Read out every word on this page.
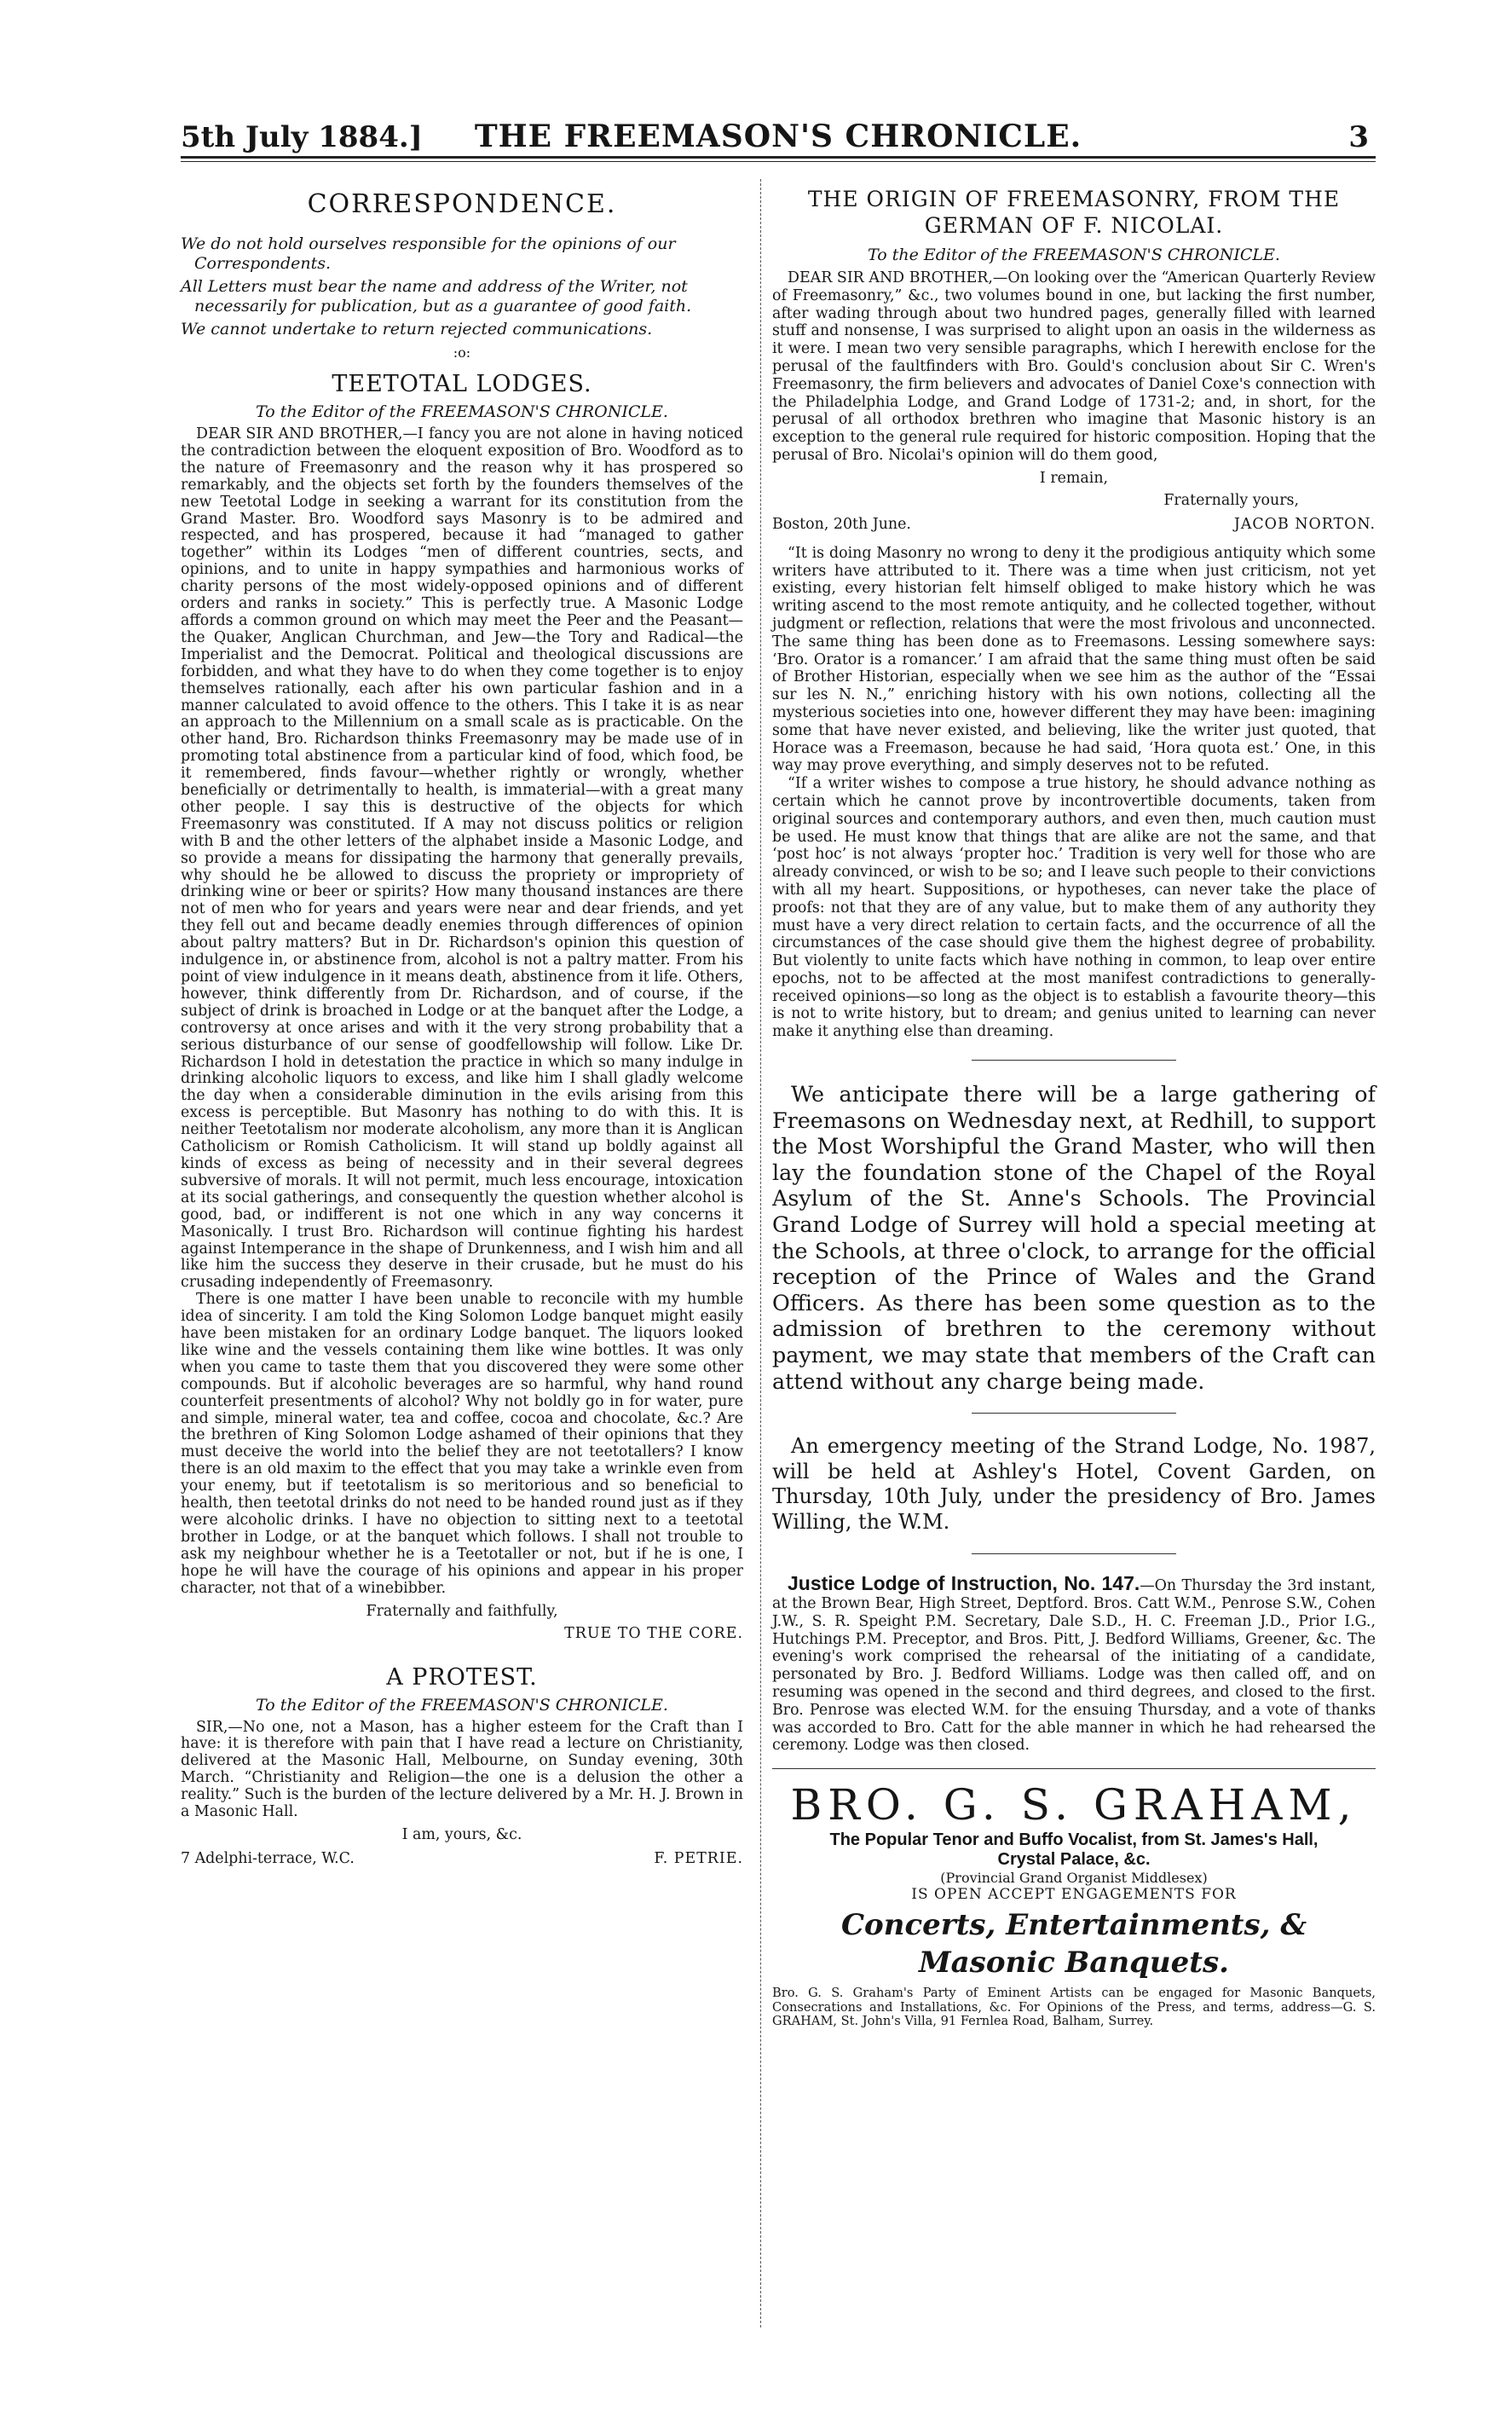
THE FREEMASON'S CHRONICLE.
5th July 1884.]	3
CORRESPONDENCE.

We do not hold ourselves responsible for the opinions of our Correspondents.

All Letters must bear the name and address of the Writer, not necessarily for publication, but as a guarantee of good faith.

We cannot undertake to return rejected communications.

:o:
TEETOTAL LODGES.
To the Editor of the FREEMASON'S CHRONICLE.

DEAR SIR AND BROTHER,—I fancy you are not alone in having noticed the contradiction between the eloquent exposition of Bro. Woodford as to the nature of Freemasonry and the reason why it has prospered so remarkably, and the objects set forth by the founders themselves of the new Teetotal Lodge in seeking a warrant for its constitution from the Grand Master. Bro. Woodford says Masonry is to be admired and respected, and has prospered, because it had “managed to gather together” within its Lodges “men of different countries, sects, and opinions, and to unite in happy sympathies and harmonious works of charity persons of the most widely-opposed opinions and of different orders and ranks in society.” This is perfectly true. A Masonic Lodge affords a common ground on which may meet the Peer and the Peasant—the Quaker, Anglican Churchman, and Jew—the Tory and Radical—the Imperialist and the Democrat. Political and theological discussions are forbidden, and what they have to do when they come together is to enjoy themselves rationally, each after his own particular fashion and in a manner calculated to avoid offence to the others. This I take it is as near an approach to the Millennium on a small scale as is practicable. On the other hand, Bro. Richardson thinks Freemasonry may be made use of in promoting total abstinence from a particular kind of food, which food, be it remembered, finds favour—whether rightly or wrongly, whether beneficially or detrimentally to health, is immaterial—with a great many other people. I say this is destructive of the objects for which Freemasonry was constituted. If A may not discuss politics or religion with B and the other letters of the alphabet inside a Masonic Lodge, and so provide a means for dissipating the harmony that generally prevails, why should he be allowed to discuss the propriety or impropriety of drinking wine or beer or spirits? How many thousand instances are there not of men who for years and years were near and dear friends, and yet they fell out and became deadly enemies through differences of opinion about paltry matters? But in Dr. Richardson's opinion this question of indulgence in, or abstinence from, alcohol is not a paltry matter. From his point of view indulgence in it means death, abstinence from it life. Others, however, think differently from Dr. Richardson, and of course, if the subject of drink is broached in Lodge or at the banquet after the Lodge, a controversy at once arises and with it the very strong probability that a serious disturbance of our sense of goodfellowship will follow. Like Dr. Richardson I hold in detestation the practice in which so many indulge in drinking alcoholic liquors to excess, and like him I shall gladly welcome the day when a considerable diminution in the evils arising from this excess is perceptible. But Masonry has nothing to do with this. It is neither Teetotalism nor moderate alcoholism, any more than it is Anglican Catholicism or Romish Catholicism. It will stand up boldly against all kinds of excess as being of necessity and in their several degrees subversive of morals. It will not permit, much less encourage, intoxication at its social gatherings, and consequently the question whether alcohol is good, bad, or indifferent is not one which in any way concerns it Masonically. I trust Bro. Richardson will continue fighting his hardest against Intemperance in the shape of Drunkenness, and I wish him and all like him the success they deserve in their crusade, but he must do his crusading independently of Freemasonry.

There is one matter I have been unable to reconcile with my humble idea of sincerity. I am told the King Solomon Lodge banquet might easily have been mistaken for an ordinary Lodge banquet. The liquors looked like wine and the vessels containing them like wine bottles. It was only when you came to taste them that you discovered they were some other compounds. But if alcoholic beverages are so harmful, why hand round counterfeit presentments of alcohol? Why not boldly go in for water, pure and simple, mineral water, tea and coffee, cocoa and chocolate, &c.? Are the brethren of King Solomon Lodge ashamed of their opinions that they must deceive the world into the belief they are not teetotallers? I know there is an old maxim to the effect that you may take a wrinkle even from your enemy, but if teetotalism is so meritorious and so beneficial to health, then teetotal drinks do not need to be handed round just as if they were alcoholic drinks. I have no objection to sitting next to a teetotal brother in Lodge, or at the banquet which follows. I shall not trouble to ask my neighbour whether he is a Teetotaller or not, but if he is one, I hope he will have the courage of his opinions and appear in his proper character, not that of a winebibber.

Fraternally and faithfully,

TRUE TO THE CORE.

A PROTEST.
To the Editor of the FREEMASON'S CHRONICLE.

SIR,—No one, not a Mason, has a higher esteem for the Craft than I have: it is therefore with pain that I have read a lecture on Christianity, delivered at the Masonic Hall, Melbourne, on Sunday evening, 30th March. “Christianity and Religion—the one is a delusion the other a reality.” Such is the burden of the lecture delivered by a Mr. H. J. Brown in a Masonic Hall.

I am, yours, &c.

7 Adelphi-terrace, W.C.	F. PETRIE.
THE ORIGIN OF FREEMASONRY, FROM THE
GERMAN OF F. NICOLAI.
To the Editor of the FREEMASON'S CHRONICLE.

DEAR SIR AND BROTHER,—On looking over the “American Quarterly Review of Freemasonry,” &c., two volumes bound in one, but lacking the first number, after wading through about two hundred pages, generally filled with learned stuff and nonsense, I was surprised to alight upon an oasis in the wilderness as it were. I mean two very sensible paragraphs, which I herewith enclose for the perusal of the faultfinders with Bro. Gould's conclusion about Sir C. Wren's Freemasonry, the firm believers and advocates of Daniel Coxe's connection with the Philadelphia Lodge, and Grand Lodge of 1731-2; and, in short, for the perusal of all orthodox brethren who imagine that Masonic history is an exception to the general rule required for historic composition. Hoping that the perusal of Bro. Nicolai's opinion will do them good,

I remain,

Fraternally yours,

Boston, 20th June.	JACOB NORTON.

“It is doing Masonry no wrong to deny it the prodigious antiquity which some writers have attributed to it. There was a time when just criticism, not yet existing, every historian felt himself obliged to make history which he was writing ascend to the most remote antiquity, and he collected together, without judgment or reflection, relations that were the most frivolous and unconnected. The same thing has been done as to Freemasons. Lessing somewhere says: ‘Bro. Orator is a romancer.’ I am afraid that the same thing must often be said of Brother Historian, especially when we see him as the author of the “Essai sur les N. N.,” enriching history with his own notions, collecting all the mysterious societies into one, however different they may have been: imagining some that have never existed, and believing, like the writer just quoted, that Horace was a Freemason, because he had said, ‘Hora quota est.’ One, in this way may prove everything, and simply deserves not to be refuted.

“If a writer wishes to compose a true history, he should advance nothing as certain which he cannot prove by incontrovertible documents, taken from original sources and contemporary authors, and even then, much caution must be used. He must know that things that are alike are not the same, and that ‘post hoc’ is not always ‘propter hoc.’ Tradition is very well for those who are already convinced, or wish to be so; and I leave such people to their convictions with all my heart. Suppositions, or hypotheses, can never take the place of proofs: not that they are of any value, but to make them of any authority they must have a very direct relation to certain facts, and the occurrence of all the circumstances of the case should give them the highest degree of probability. But violently to unite facts which have nothing in common, to leap over entire epochs, not to be affected at the most manifest contradictions to generally-received opinions—so long as the object is to establish a favourite theory—this is not to write history, but to dream; and genius united to learning can never make it anything else than dreaming.

We anticipate there will be a large gathering of Freemasons on Wednesday next, at Redhill, to support the Most Worshipful the Grand Master, who will then lay the foundation stone of the Chapel of the Royal Asylum of the St. Anne's Schools. The Provincial Grand Lodge of Surrey will hold a special meeting at the Schools, at three o'clock, to arrange for the official reception of the Prince of Wales and the Grand Officers. As there has been some question as to the admission of brethren to the ceremony without payment, we may state that members of the Craft can attend without any charge being made.

An emergency meeting of the Strand Lodge, No. 1987, will be held at Ashley's Hotel, Covent Garden, on Thursday, 10th July, under the presidency of Bro. James Willing, the W.M.

Justice Lodge of Instruction, No. 147.—On Thursday the 3rd instant, at the Brown Bear, High Street, Deptford. Bros. Catt W.M., Penrose S.W., Cohen J.W., S. R. Speight P.M. Secretary, Dale S.D., H. C. Freeman J.D., Prior I.G., Hutchings P.M. Preceptor, and Bros. Pitt, J. Bedford Williams, Greener, &c. The evening's work comprised the rehearsal of the initiating of a candidate, personated by Bro. J. Bedford Williams. Lodge was then called off, and on resuming was opened in the second and third degrees, and closed to the first. Bro. Penrose was elected W.M. for the ensuing Thursday, and a vote of thanks was accorded to Bro. Catt for the able manner in which he had rehearsed the ceremony. Lodge was then closed.

BRO. G. S. GRAHAM,

The Popular Tenor and Buffo Vocalist, from St. James's Hall,

Crystal Palace, &c.

(Provincial Grand Organist Middlesex)

IS OPEN ACCEPT ENGAGEMENTS FOR

Concerts, Entertainments, & Masonic Banquets.

Bro. G. S. Graham's Party of Eminent Artists can be engaged for Masonic Banquets, Consecrations and Installations, &c. For Opinions of the Press, and terms, address—G. S. GRAHAM, St. John's Villa, 91 Fernlea Road, Balham, Surrey.
